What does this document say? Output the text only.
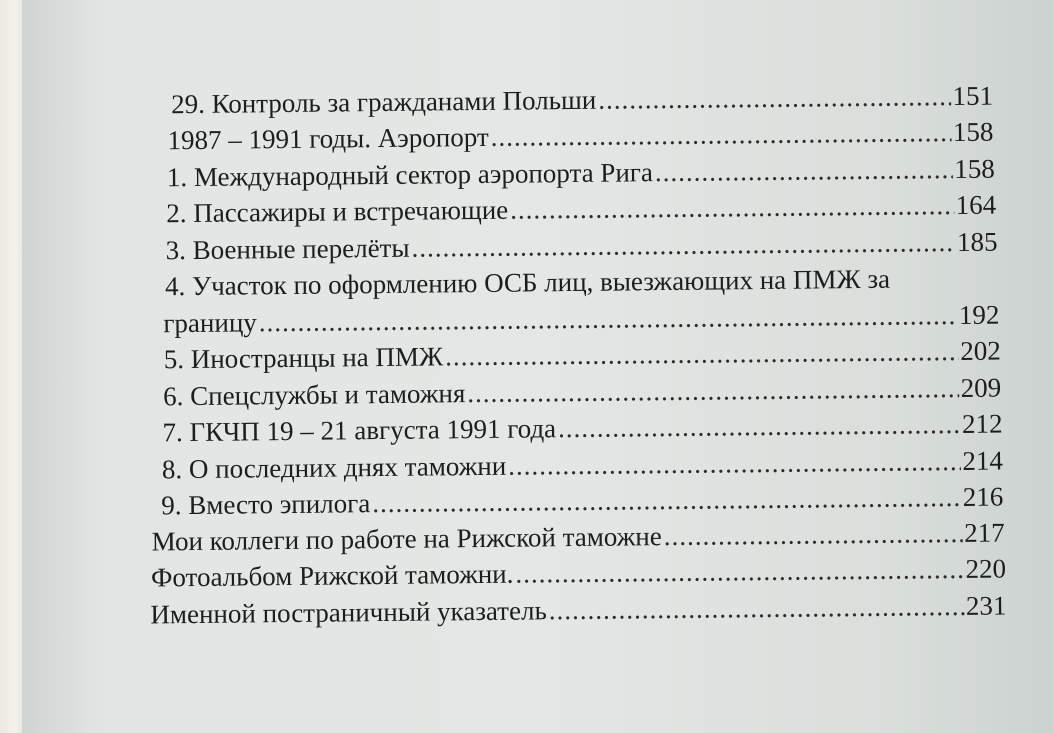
29. Контроль за гражданами Польши .....	151
1987 – 1991 годы. Аэропорт .....	158
1. Международный сектор аэропорта Рига .....	158
2. Пассажиры и встречающие .....	164
3. Военные перелёты .....	185
4. Участок по оформлению ОСБ лиц, выезжающих на ПМЖ за
границу .....	192
5. Иностранцы на ПМЖ .....	202
6. Спецслужбы и таможня .....	209
7. ГКЧП 19 – 21 августа 1991 года .....	212
8. О последних днях таможни .....	214
9. Вместо эпилога .....	216
Мои коллеги по работе на Рижской таможне .....	217
Фотоальбом Рижской таможни. .....	220
Именной постраничный указатель .....	231
